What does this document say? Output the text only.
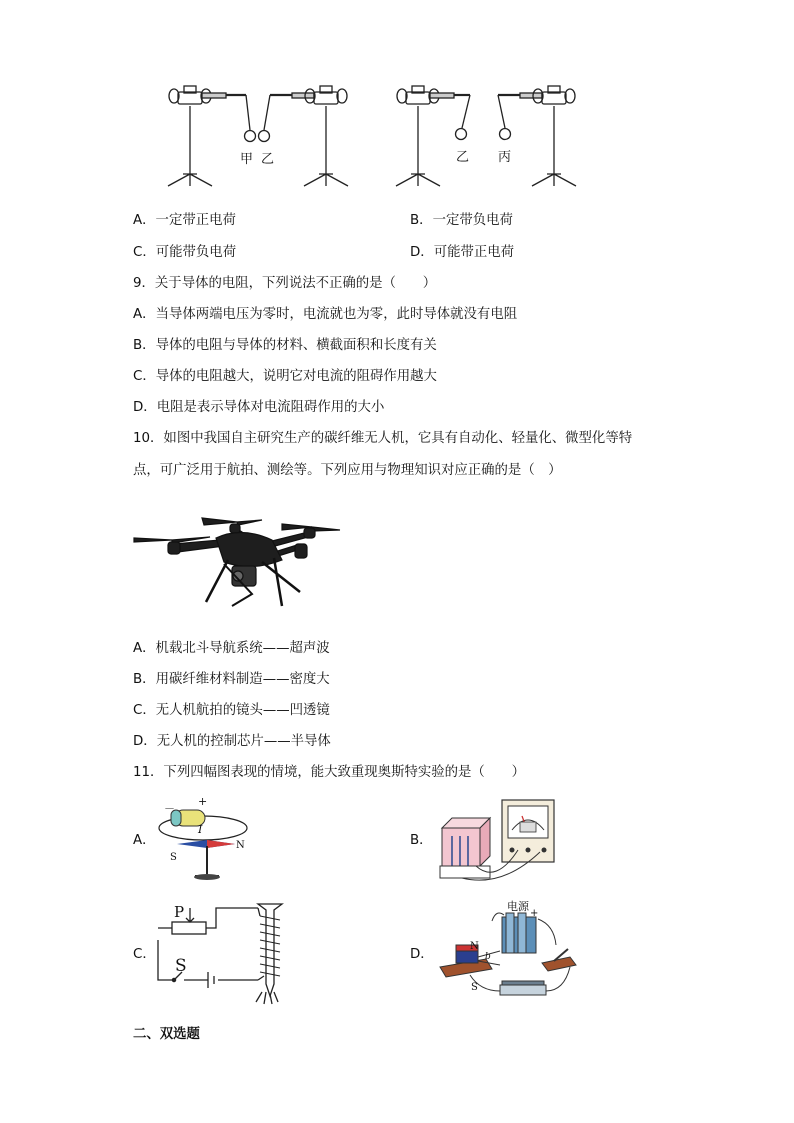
甲 乙	乙 丙
A．一定带正电荷	B．一定带负电荷
C．可能带负电荷	D．可能带正电荷
9．关于导体的电阻，下列说法不正确的是（　　）
A．当导体两端电压为零时，电流就也为零，此时导体就没有电阻
B．导体的电阻与导体的材料、横截面积和长度有关
C．导体的电阻越大，说明它对电流的阻碍作用越大
D．电阻是表示导体对电流阻碍作用的大小
10．如图中我国自主研究生产的碳纤维无人机，它具有自动化、轻量化、微型化等特
点，可广泛用于航拍、测绘等。下列应用与物理知识对应正确的是（　）
A．机载北斗导航系统——超声波
B．用碳纤维材料制造——密度大
C．无人机航拍的镜头——凹透镜
D．无人机的控制芯片——半导体
11．下列四幅图表现的情境，能大致重现奥斯特实验的是（　　）
A．	B．
C．	D．
－
+
I
S
N
P
S
电源
+
N
b
S
二、双选题
